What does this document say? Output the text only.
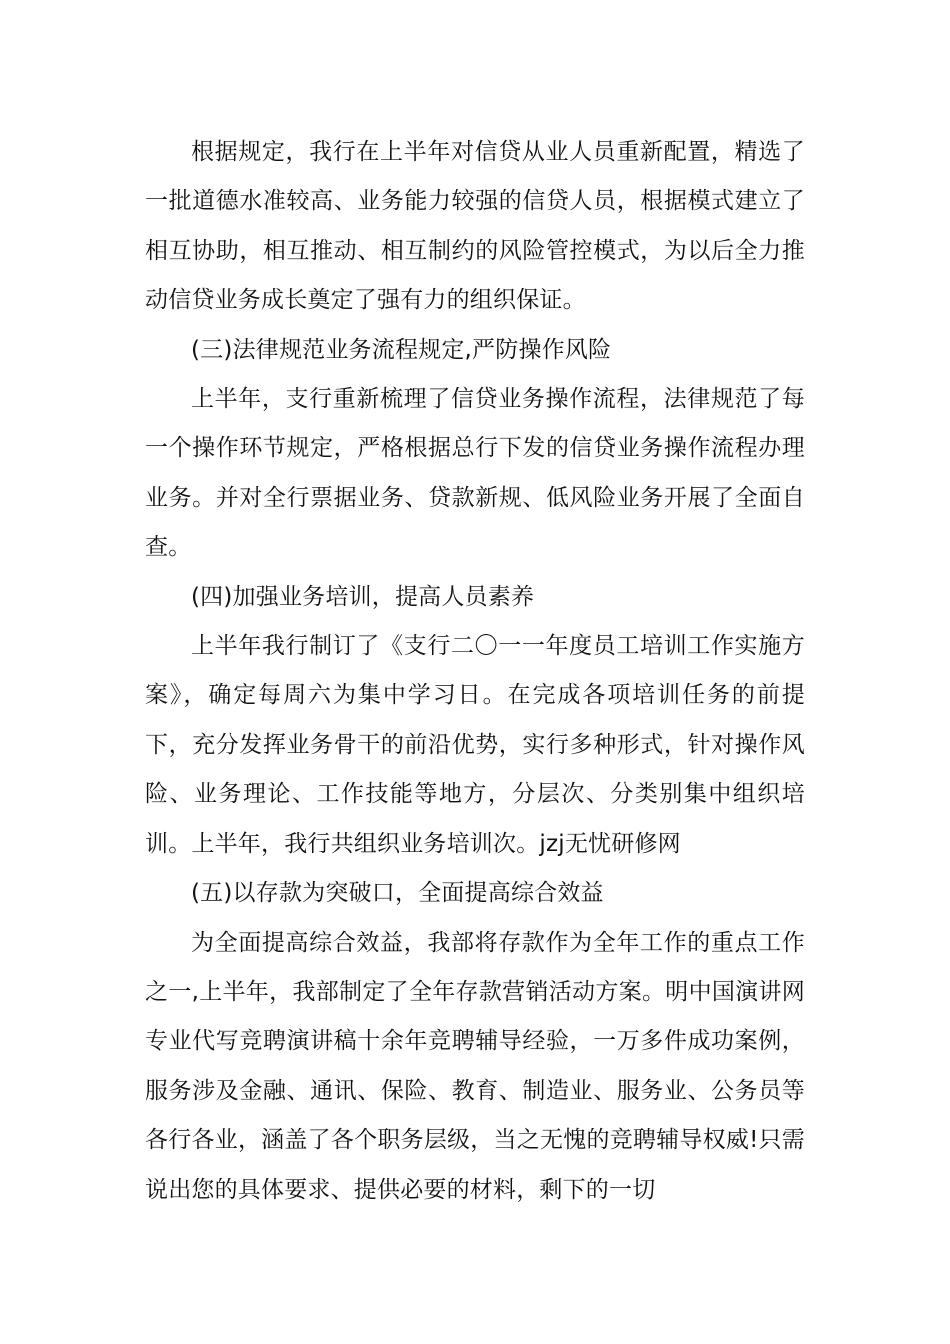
根据规定，我行在上半年对信贷从业人员重新配置，精选了一批道德水准较高、业务能力较强的信贷人员，根据模式建立了相互协助，相互推动、相互制约的风险管控模式，为以后全力推动信贷业务成长奠定了强有力的组织保证。

(三)法律规范业务流程规定,严防操作风险

上半年，支行重新梳理了信贷业务操作流程，法律规范了每一个操作环节规定，严格根据总行下发的信贷业务操作流程办理业务。并对全行票据业务、贷款新规、低风险业务开展了全面自查。

(四)加强业务培训，提高人员素养

上半年我行制订了《支行二〇一一年度员工培训工作实施方案》，确定每周六为集中学习日。在完成各项培训任务的前提下，充分发挥业务骨干的前沿优势，实行多种形式，针对操作风险、业务理论、工作技能等地方，分层次、分类别集中组织培训。上半年，我行共组织业务培训次。jzj无忧研修网

(五)以存款为突破口，全面提高综合效益

为全面提高综合效益，我部将存款作为全年工作的重点工作之一,上半年，我部制定了全年存款营销活动方案。明中国演讲网专业代写竞聘演讲稿十余年竞聘辅导经验，一万多件成功案例，服务涉及金融、通讯、保险、教育、制造业、服务业、公务员等各行各业，涵盖了各个职务层级，当之无愧的竞聘辅导权威!只需说出您的具体要求、提供必要的材料，剩下的一切
